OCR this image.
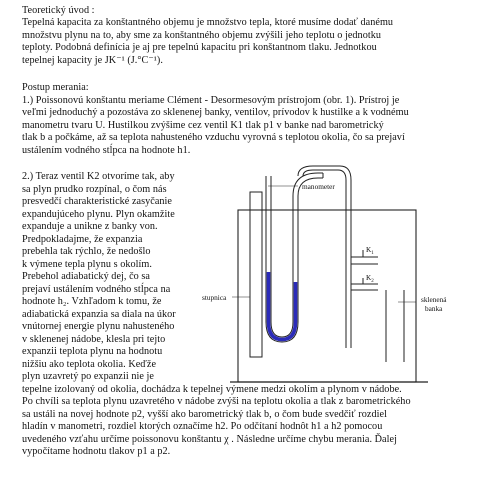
Teoretický úvod :
Tepelná kapacita za konštantného objemu je množstvo tepla, ktoré musíme dodať danému
množstvu plynu na to, aby sme za konštantného objemu zvýšili jeho teplotu o jednotku
teploty. Podobná definícia je aj pre tepelnú kapacitu pri konštantnom tlaku. Jednotkou
tepelnej kapacity je JK⁻¹ (J.°C⁻¹).
Postup merania:
1.) Poissonovú konštantu meriame Clément - Desormesovým prístrojom (obr. 1). Prístroj je
veľmi jednoduchý a pozostáva zo sklenenej banky, ventilov, prívodov k hustilke a k vodnému
manometru tvaru U. Hustilkou zvýšime cez ventil K1 tlak p1 v banke nad barometrický
tlak b a počkáme, až sa teplota nahusteného vzduchu vyrovná s teplotou okolia, čo sa prejaví
ustálením vodného stĺpca na hodnote h1.
2.) Teraz ventil K2 otvoríme tak, aby
sa plyn prudko rozpínal, o čom nás
presvedčí charakteristické zasyčanie
expandujúceho plynu. Plyn okamžite
expanduje a unikne z banky von.
Predpokladajme, že expanzia
prebehla tak rýchlo, že nedošlo
k výmene tepla plynu s okolím.
Prebehol adiabatický dej, čo sa
prejaví ustálením vodného stĺpca na
hodnote h₂. Vzhľadom k tomu, že
adiabatická expanzia sa diala na úkor
vnútornej energie plynu nahusteného
v sklenenej nádobe, klesla pri tejto
expanzii teplota plynu na hodnotu
nižšiu ako teplota okolia. Keďže
plyn uzavretý po expanzii nie je
tepelne izolovaný od okolia, dochádza k tepelnej výmene medzi okolím a plynom v nádobe.
Po chvíli sa teplota plynu uzavretého v nádobe zvýši na teplotu okolia a tlak z barometrického
sa ustáli na novej hodnote p2, vyšší ako barometrický tlak b, o čom bude svedčiť rozdiel
hladín v manometri, rozdiel ktorých označíme h2. Po odčítaní hodnôt h1 a h2 pomocou
uvedeného vzťahu určíme poissonovu konštantu χ . Následne určíme chybu merania. Ďalej
vypočítame hodnotu tlakov p1 a p2.
manometer
stupnica
$K_1$
$K_2$
sklenená
banka
